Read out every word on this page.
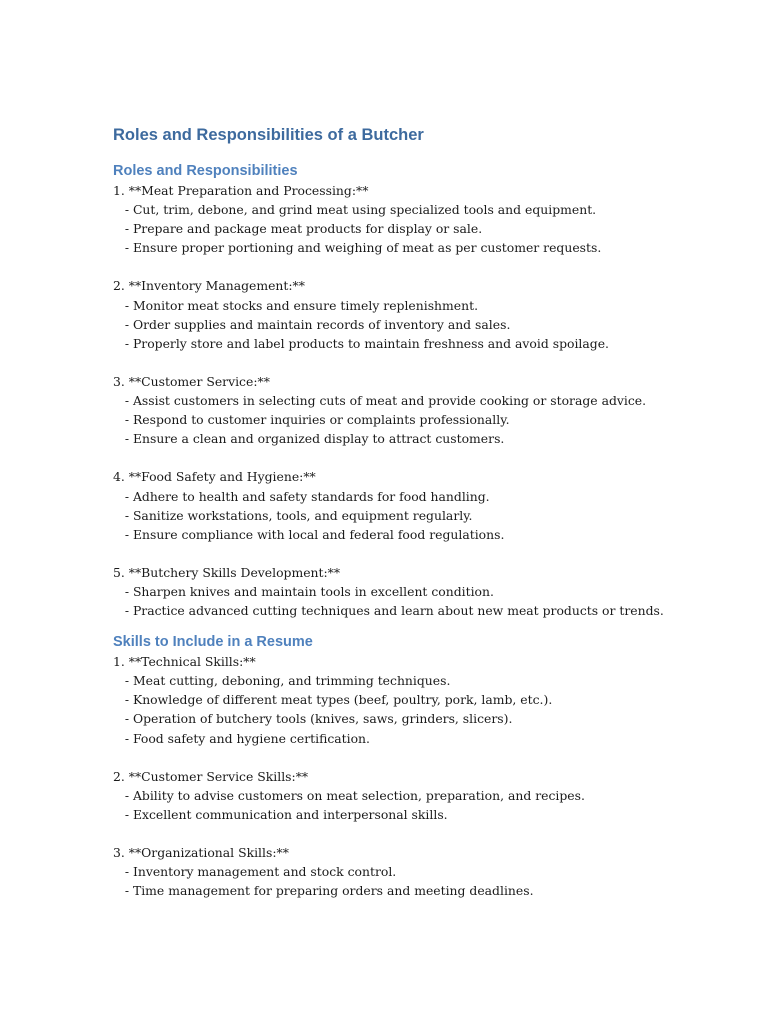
Roles and Responsibilities of a Butcher
Roles and Responsibilities
1. **Meat Preparation and Processing:**
- Cut, trim, debone, and grind meat using specialized tools and equipment.
- Prepare and package meat products for display or sale.
- Ensure proper portioning and weighing of meat as per customer requests.
2. **Inventory Management:**
- Monitor meat stocks and ensure timely replenishment.
- Order supplies and maintain records of inventory and sales.
- Properly store and label products to maintain freshness and avoid spoilage.
3. **Customer Service:**
- Assist customers in selecting cuts of meat and provide cooking or storage advice.
- Respond to customer inquiries or complaints professionally.
- Ensure a clean and organized display to attract customers.
4. **Food Safety and Hygiene:**
- Adhere to health and safety standards for food handling.
- Sanitize workstations, tools, and equipment regularly.
- Ensure compliance with local and federal food regulations.
5. **Butchery Skills Development:**
- Sharpen knives and maintain tools in excellent condition.
- Practice advanced cutting techniques and learn about new meat products or trends.
Skills to Include in a Resume
1. **Technical Skills:**
- Meat cutting, deboning, and trimming techniques.
- Knowledge of different meat types (beef, poultry, pork, lamb, etc.).
- Operation of butchery tools (knives, saws, grinders, slicers).
- Food safety and hygiene certification.
2. **Customer Service Skills:**
- Ability to advise customers on meat selection, preparation, and recipes.
- Excellent communication and interpersonal skills.
3. **Organizational Skills:**
- Inventory management and stock control.
- Time management for preparing orders and meeting deadlines.
